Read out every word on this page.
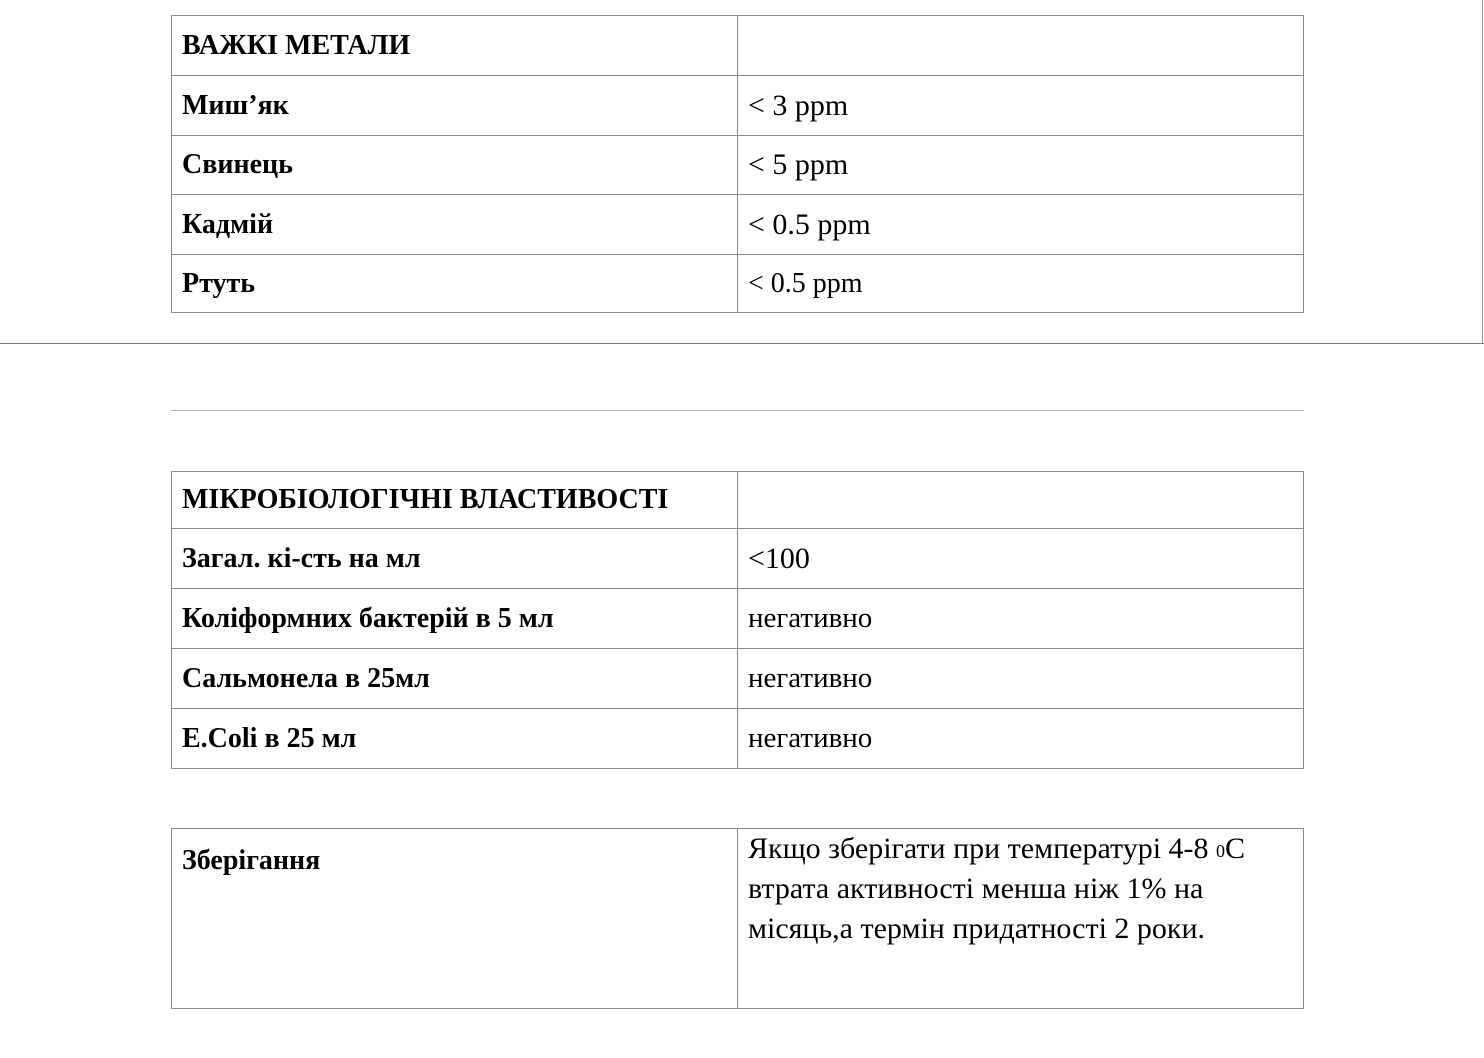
ВАЖКІ МЕТАЛИ	
Миш’як	< 3 ppm
Свинець	< 5 ppm
Кадмій	< 0.5 ppm
Ртуть	< 0.5 ppm
МІКРОБІОЛОГІЧНІ ВЛАСТИВОСТІ	
Загал. кі-сть на мл	<100
Коліформних бактерій в 5 мл	негативно
Сальмонела в 25мл	негативно
E.Coli в 25 мл	негативно
Зберігання	Якщо зберігати при температурі 4-8 $^0$С втрата активності менша ніж 1% на місяць,а термін придатності 2 роки.
